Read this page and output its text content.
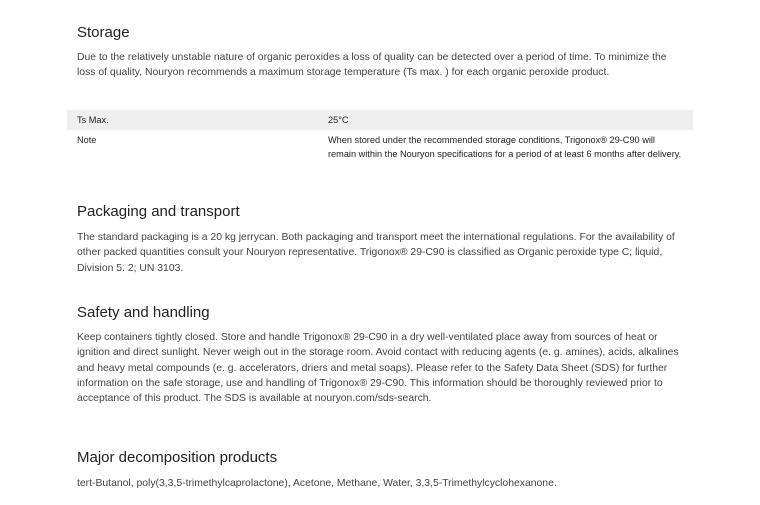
Storage

Due to the relatively unstable nature of organic peroxides a loss of quality can be detected over a period of time. To minimize the loss of quality, Nouryon recommends a maximum storage temperature (Ts max. ) for each organic peroxide product.

Ts Max.	25°C
Note	When stored under the recommended storage conditions, Trigonox® 29-C90 will remain within the Nouryon specifications for a period of at least 6 months after delivery.
Packaging and transport

The standard packaging is a 20 kg jerrycan. Both packaging and transport meet the international regulations. For the availability of other packed quantities consult your Nouryon representative. Trigonox® 29-C90 is classified as Organic peroxide type C; liquid, Division 5. 2; UN 3103.

Safety and handling

Keep containers tightly closed. Store and handle Trigonox® 29-C90 in a dry well-ventilated place away from sources of heat or ignition and direct sunlight. Never weigh out in the storage room. Avoid contact with reducing agents (e. g. amines), acids, alkalines and heavy metal compounds (e. g. accelerators, driers and metal soaps). Please refer to the Safety Data Sheet (SDS) for further information on the safe storage, use and handling of Trigonox® 29-C90. This information should be thoroughly reviewed prior to acceptance of this product. The SDS is available at nouryon.com/sds-search.

Major decomposition products

tert-Butanol, poly(3,3,5-trimethylcaprolactone), Acetone, Methane, Water, 3,3,5-Trimethylcyclohexanone.
